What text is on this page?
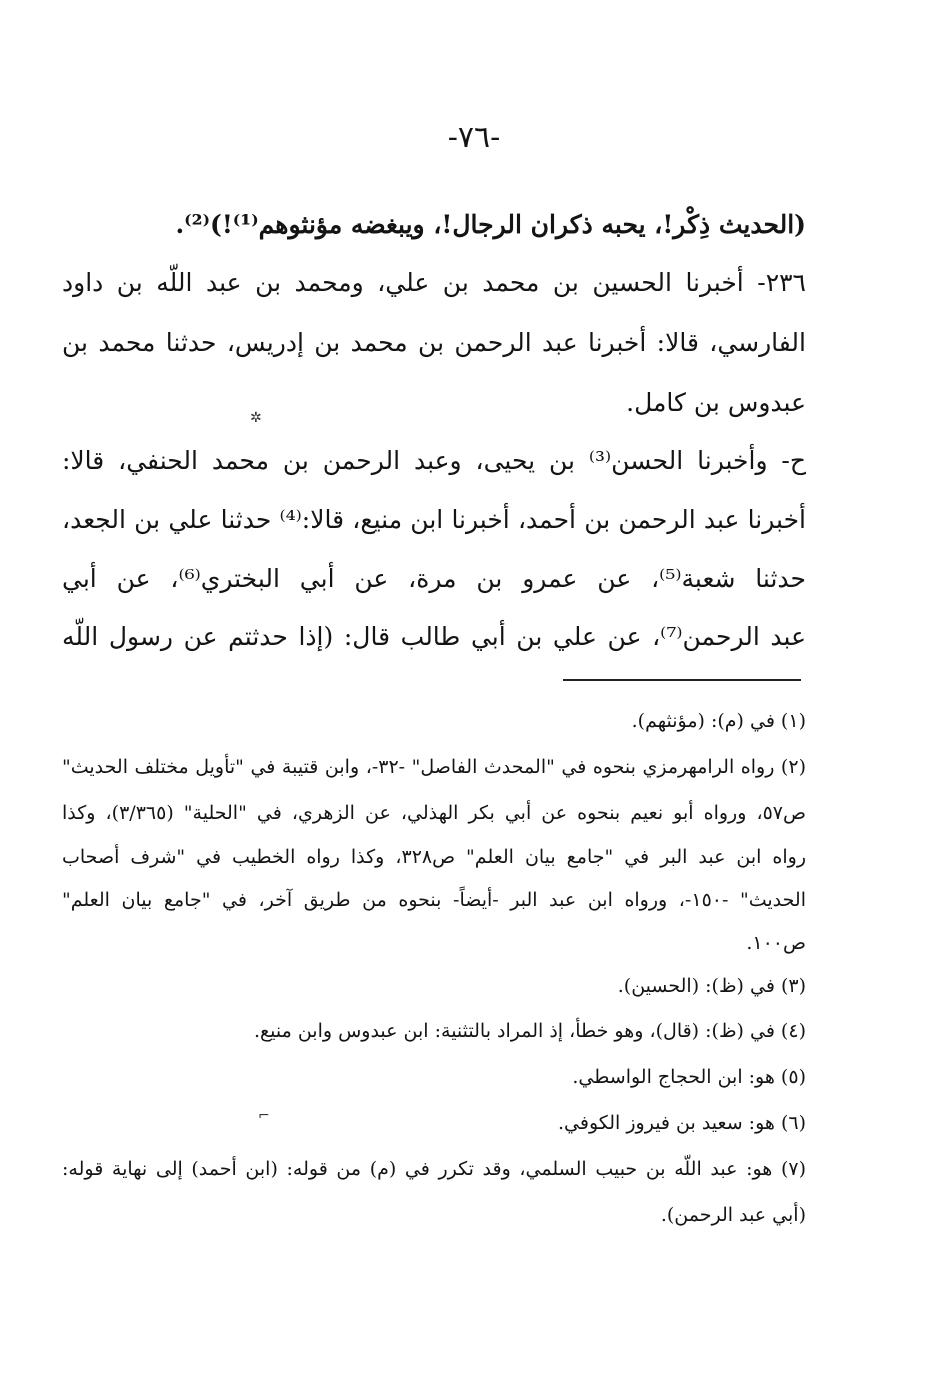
-٧٦-
(الحديث ذِكْر!، يحبه ذكران الرجال!، ويبغضه مؤنثوهم⁽¹⁾!)⁽²⁾.
٢٣٦- أخبرنا الحسين بن محمد بن علي، ومحمد بن عبد اللّه بن داود
الفارسي، قالا: أخبرنا عبد الرحمن بن محمد بن إدريس، حدثنا محمد بن
عبدوس بن كامل.
ح- وأخبرنا الحسن⁽³⁾ بن يحيى، وعبد الرحمن بن محمد الحنفي، قالا:
أخبرنا عبد الرحمن بن أحمد، أخبرنا ابن منيع، قالا:⁽⁴⁾ حدثنا علي بن الجعد،
حدثنا شعبة⁽⁵⁾، عن عمرو بن مرة، عن أبي البختري⁽⁶⁾، عن أبي
عبد الرحمن⁽⁷⁾، عن علي بن أبي طالب قال: (إذا حدثتم عن رسول اللّه
(١) في (م): (مؤنثهم).
(٢) رواه الرامهرمزي بنحوه في "المحدث الفاصل" -٣٢-، وابن قتيبة في "تأويل مختلف الحديث"
ص٥٧، ورواه أبو نعيم بنحوه عن أبي بكر الهذلي، عن الزهري، في "الحلية" (٣/٣٦٥)، وكذا
رواه ابن عبد البر في "جامع بيان العلم" ص٣٢٨، وكذا رواه الخطيب في "شرف أصحاب
الحديث" -١٥٠-، ورواه ابن عبد البر -أيضاً- بنحوه من طريق آخر، في "جامع بيان العلم"
ص١٠٠.
(٣) في (ظ): (الحسين).
(٤) في (ظ): (قال)، وهو خطأ، إذ المراد بالتثنية: ابن عبدوس وابن منيع.
(٥) هو: ابن الحجاج الواسطي.
(٦) هو: سعيد بن فيروز الكوفي.
(٧) هو: عبد اللّه بن حبيب السلمي، وقد تكرر في (م) من قوله: (ابن أحمد) إلى نهاية قوله:
(أبي عبد الرحمن).
✲
⌐
